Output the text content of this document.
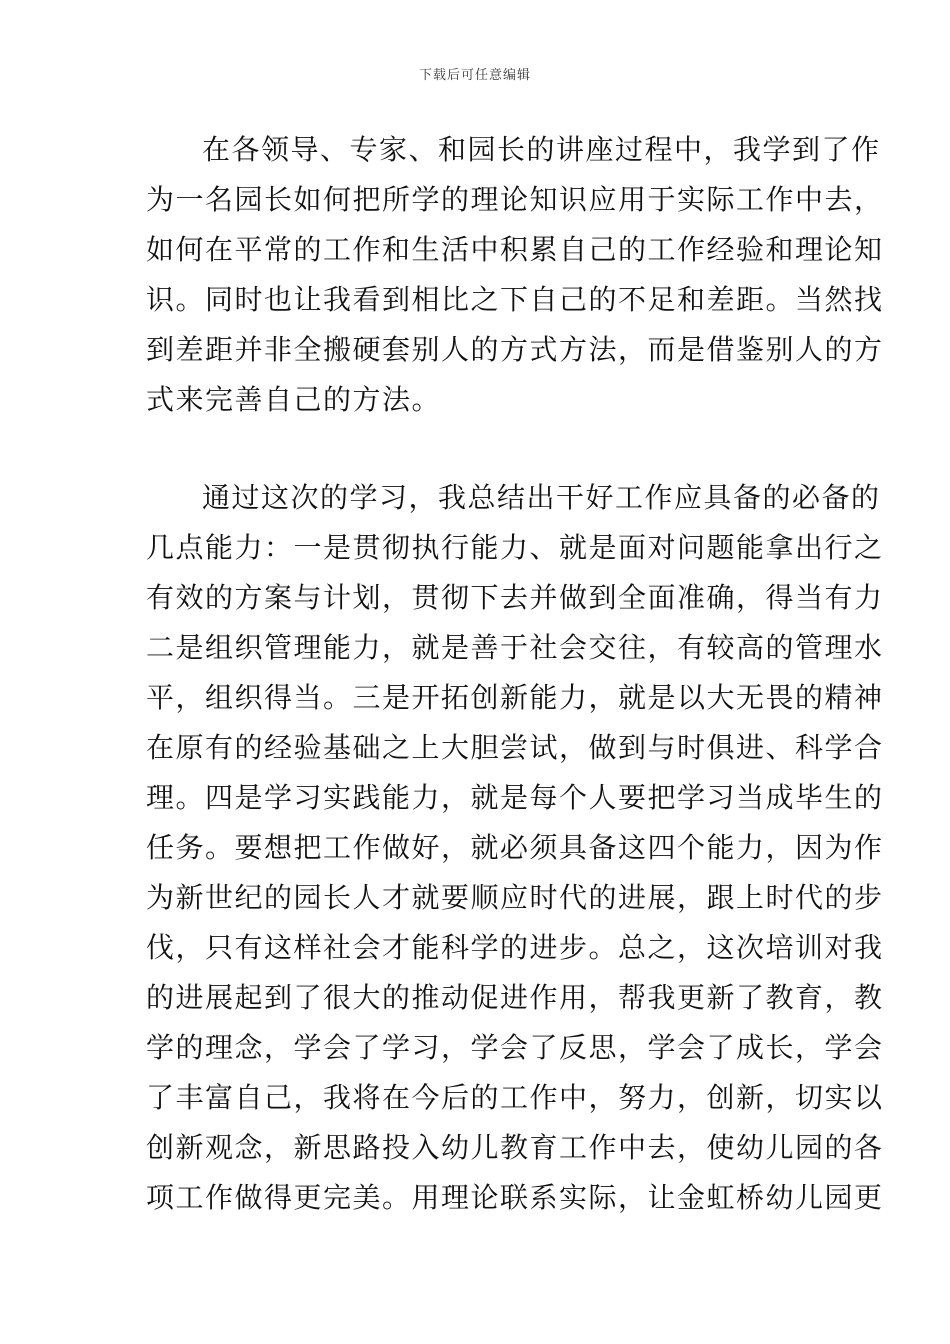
下载后可任意编辑

在各领导、专家、和园长的讲座过程中，我学到了作
为一名园长如何把所学的理论知识应用于实际工作中去，
如何在平常的工作和生活中积累自己的工作经验和理论知
识。同时也让我看到相比之下自己的不足和差距。当然找
到差距并非全搬硬套别人的方式方法，而是借鉴别人的方
式来完善自己的方法。

通过这次的学习，我总结出干好工作应具备的必备的
几点能力：一是贯彻执行能力、就是面对问题能拿出行之
有效的方案与计划，贯彻下去并做到全面准确，得当有力
二是组织管理能力，就是善于社会交往，有较高的管理水
平，组织得当。三是开拓创新能力，就是以大无畏的精神
在原有的经验基础之上大胆尝试，做到与时俱进、科学合
理。四是学习实践能力，就是每个人要把学习当成毕生的
任务。要想把工作做好，就必须具备这四个能力，因为作
为新世纪的园长人才就要顺应时代的进展，跟上时代的步
伐，只有这样社会才能科学的进步。总之，这次培训对我
的进展起到了很大的推动促进作用，帮我更新了教育，教
学的理念，学会了学习，学会了反思，学会了成长，学会
了丰富自己，我将在今后的工作中，努力，创新，切实以
创新观念，新思路投入幼儿教育工作中去，使幼儿园的各
项工作做得更完美。用理论联系实际，让金虹桥幼儿园更
